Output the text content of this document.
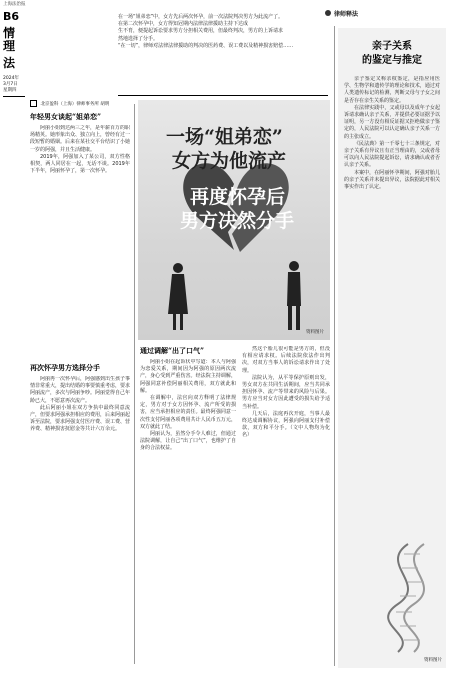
上海法治报
B6
情理
法
2024年
3月7日
星期四

在一场“姐弟恋”中，女方先后两次怀孕，前一次法院判决男方为此流产了。

在第二次怀孕中，女方得知冠期内法律法律援助主持下达成

生不育，便提起诉讼要求男方分担相关费用，但最终判决，男方的上诉请求

然地选择了分手。

“在一切”，律师对法律法律援助的判决的医药费、误工费以及精神损害赔偿……

律师释法
北京盈科（上海）律师事务所 胡明
年轻男女谈起“姐弟恋”

阿丽小姐到达两三之年，是年薪百万的职场精英。她形象出众、独立向上，曾经有过一段短暂的婚姻。后来在某社交平台结识了小她一岁的阿强，并且生活健康。

2019年，阿强加入了某公司，双方性格相契，两人同居在一起，无话不谈。2019年下半年，阿丽怀孕了，第一次怀孕。

再次怀孕男方选择分手

阿丽再一次怀孕后，阿强感到出生孩子事情非常重大，提出结婚的事要慎重考虑，要求阿丽流产，多次与阿丽争吵。阿丽觉得自己年龄已大，不愿意再次流产。

此后阿丽小姐在双方争执中最终同意流产，但要求阿强承担相应的费用，后来阿丽起诉至法院，要求阿强支付医疗费、误工费、营养费、精神损害抚慰金等共计六万余元。

一场“姐弟恋”
女方为他流产
再度怀孕后
男方决然分手
资料图片
通过调解“出了口气”

阿丽小姐在起诉状中写道：本人与阿强为恋爱关系，期间因为阿强的原因两次流产，身心受到严重伤害。经法院主持调解，阿强同意补偿阿丽相关费用，双方就此和解。

在调解中，法官向双方释明了法律规定，男方对于女方因怀孕、流产所受的损害，应当承担相应的责任。最终阿强同意一次性支付阿丽各项费用共计人民币五万元，双方就此了结。

阿丽认为，虽然分手令人难过，但通过法院调解，让自己“出了口气”，也维护了自身的合法权益。

然这个胎儿很可能是男方的，但没有相应请求权。后续法院依法作出判决，对双方当事人的诉讼请求作出了处理。

法院认为，从平等保护原则出发，男女双方在共同生活期间，应当共同承担因怀孕、流产等带来的风险与后果。男方应当对女方因此遭受的损失给予适当补偿。

几天后，法庭再次开庭，当事人最终达成调解协议，阿强向阿丽支付补偿款，双方和平分手。（文中人物均为化名）

亲子关系
的鉴定与推定

亲子鉴定又称亲权鉴定，是指应用医学、生物学和遗传学的理论和技术，通过对人类遗传标记的检测，判断父母与子女之间是否存在亲生关系的鉴定。

在法律实践中，父或母以及成年子女起诉请求确认亲子关系，并提供必要证据予以证明，另一方没有相反证据又拒绝做亲子鉴定的，人民法院可以认定确认亲子关系一方的主张成立。

《民法典》第一千零七十三条规定，对亲子关系有异议且有正当理由的，父或者母可以向人民法院提起诉讼，请求确认或者否认亲子关系。

本案中，在阿丽怀孕期间，阿强对胎儿的亲子关系并未提出异议，法院据此对相关事实作出了认定。

资料图片
